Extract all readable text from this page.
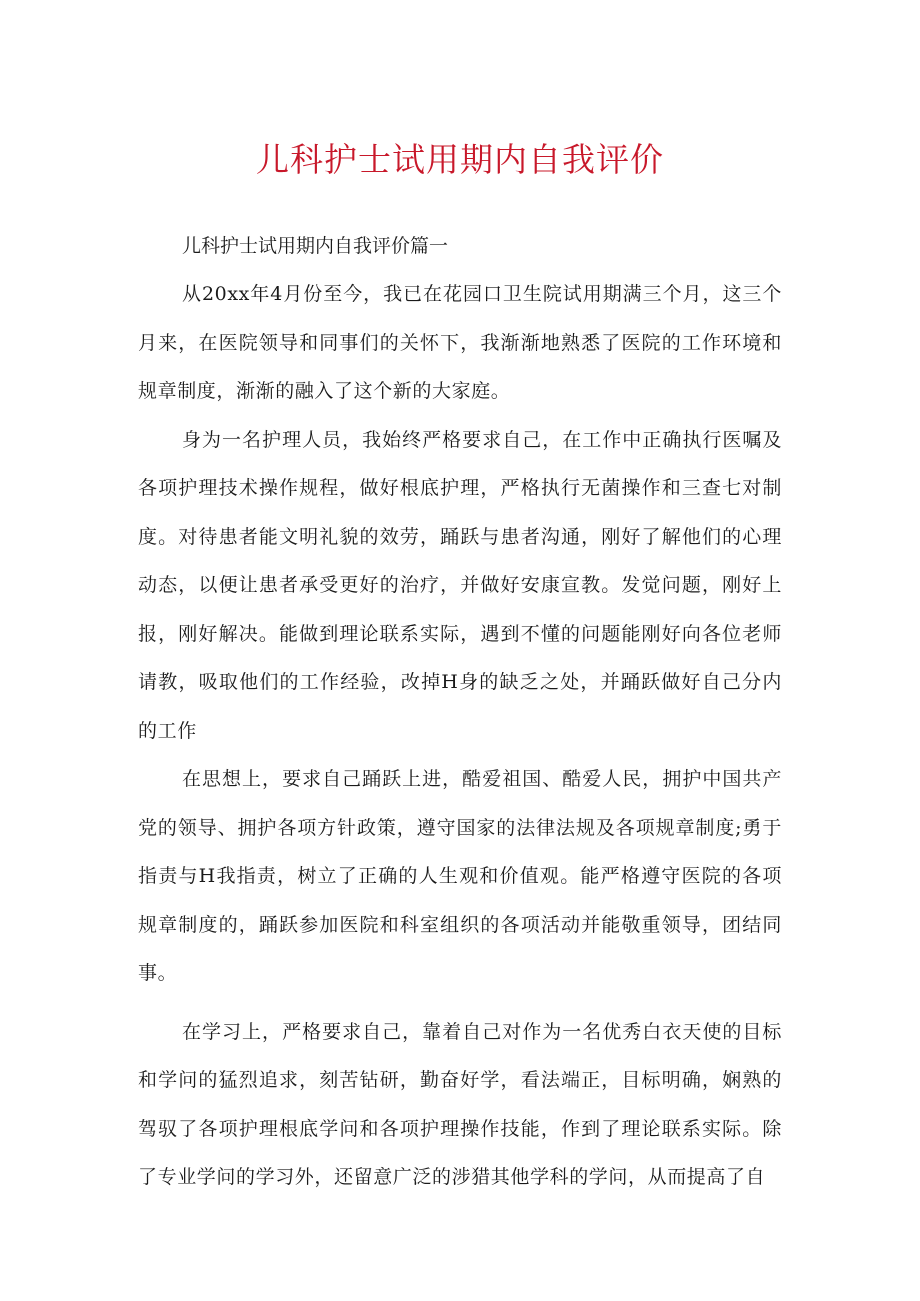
儿科护士试用期内自我评价

儿科护士试用期内自我评价篇一

从20xx年4月份至今，我已在花园口卫生院试用期满三个月，这三个月来，在医院领导和同事们的关怀下，我渐渐地熟悉了医院的工作环境和规章制度，渐渐的融入了这个新的大家庭。

身为一名护理人员，我始终严格要求自己，在工作中正确执行医嘱及各项护理技术操作规程，做好根底护理，严格执行无菌操作和三查七对制度。对待患者能文明礼貌的效劳，踊跃与患者沟通，刚好了解他们的心理动态，以便让患者承受更好的治疗，并做好安康宣教。发觉问题，刚好上报，刚好解决。能做到理论联系实际，遇到不懂的问题能刚好向各位老师请教，吸取他们的工作经验，改掉H身的缺乏之处，并踊跃做好自己分内的工作

在思想上，要求自己踊跃上进，酷爱祖国、酷爱人民，拥护中国共产党的领导、拥护各项方针政策，遵守国家的法律法规及各项规章制度;勇于指责与H我指责，树立了正确的人生观和价值观。能严格遵守医院的各项规章制度的，踊跃参加医院和科室组织的各项活动并能敬重领导，团结同事。

在学习上，严格要求自己，靠着自己对作为一名优秀白衣天使的目标和学问的猛烈追求，刻苦钻研，勤奋好学，看法端正，目标明确，娴熟的驾驭了各项护理根底学问和各项护理操作技能，作到了理论联系实际。除了专业学问的学习外，还留意广泛的涉猎其他学科的学问，从而提高了自
